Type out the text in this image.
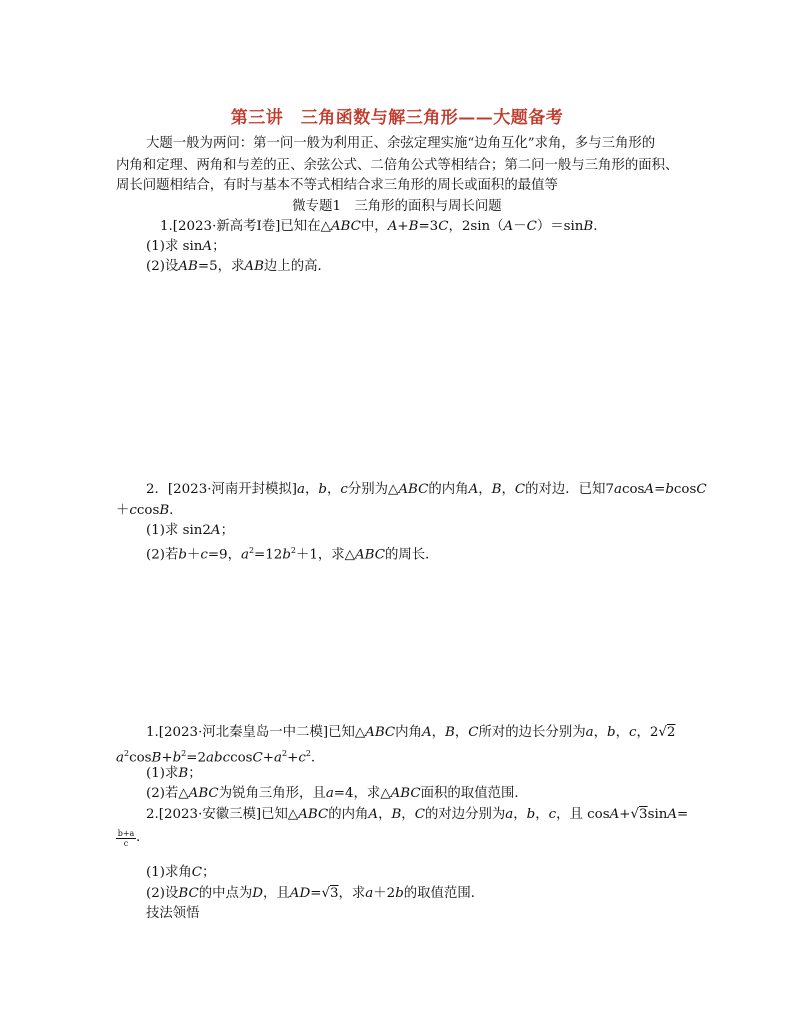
第三讲　三角函数与解三角形——大题备考
大题一般为两问：第一问一般为利用正、余弦定理实施“边角互化”求角，多与三角形的
内角和定理、两角和与差的正、余弦公式、二倍角公式等相结合；第二问一般与三角形的面积、
周长问题相结合，有时与基本不等式相结合求三角形的周长或面积的最值等
微专题1　三角形的面积与周长问题
1.[2023·新高考Ⅰ卷]已知在△ABC中，A+B=3C，2sin（A－C）＝sinB.
(1)求 sinA；
(2)设AB=5，求AB边上的高．
2．[2023·河南开封模拟]a，b，c分别为△ABC的内角A，B，C的对边．已知7acosA=bcosC
＋ccosB.
(1)求 sin2A；
(2)若b＋c=9，$a^2=12b^2+1$，求△ABC的周长．
1.[2023·河北秦皇岛一中二模]已知△ABC内角A，B，C所对的边长分别为a，b，c，2√2
$a^2\cos B+b^2=2abccosC+a^2+c^2$.
(1)求B；
(2)若△ABC为锐角三角形，且a=4，求△ABC面积的取值范围．
2.[2023·安徽三模]已知△ABC的内角A，B，C的对边分别为a，b，c，且 cosA+√3sinA=
$\frac{b+a}{c}$ .
(1)求角C；
(2)设BC的中点为D，且AD=√3，求a＋2b的取值范围．
技法领悟
